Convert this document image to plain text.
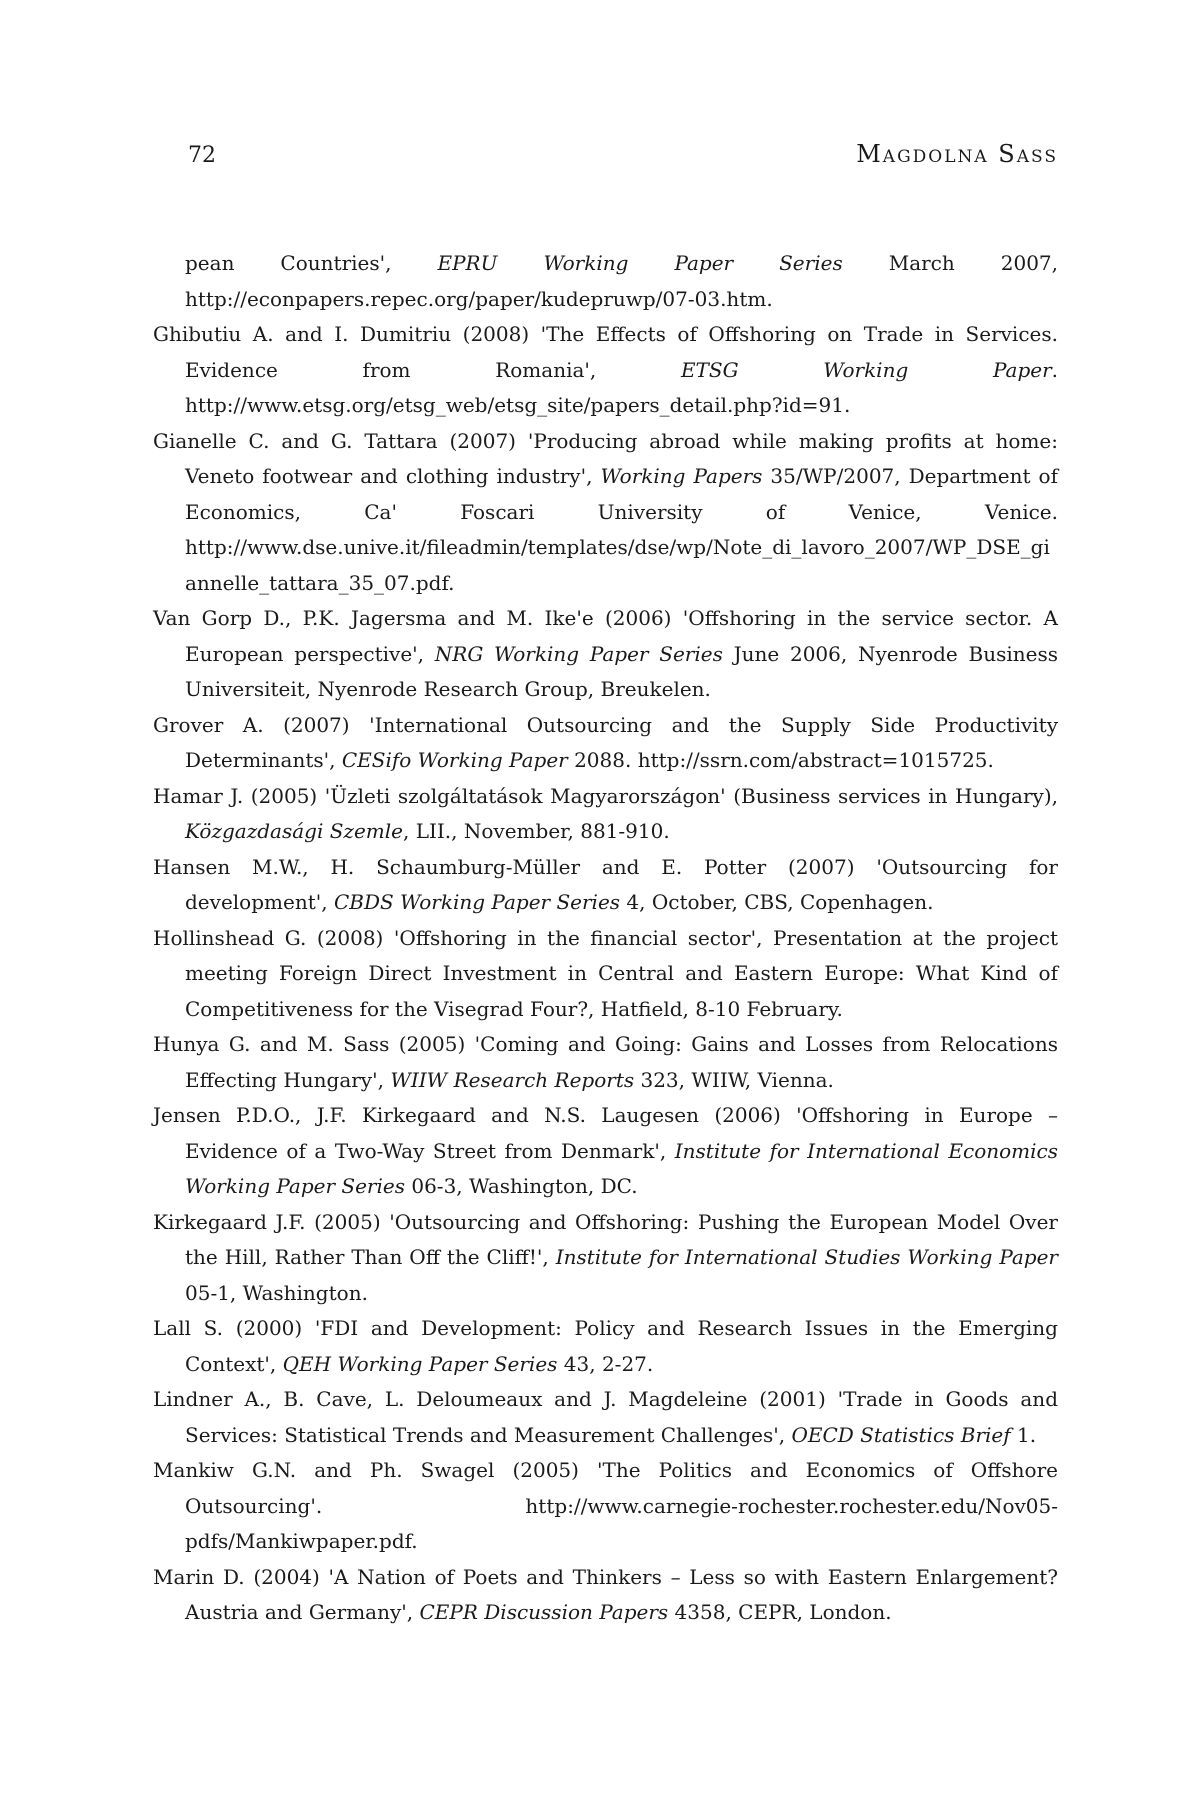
72	Magdolna Sass
pean Countries', EPRU Working Paper Series March 2007, http://econpapers.repec.org/paper/kudepruwp/07-03.htm.
Ghibutiu A. and I. Dumitriu (2008) 'The Effects of Offshoring on Trade in Services. Evidence from Romania', ETSG Working Paper. http://www.etsg.org/etsg_web/etsg_site/papers_detail.php?id=91.
Gianelle C. and G. Tattara (2007) 'Producing abroad while making profits at home: Veneto footwear and clothing industry', Working Papers 35/WP/2007, Department of Economics, Ca' Foscari University of Venice, Venice. http://www.dse.unive.it/fileadmin/templates/dse/wp/Note_di_lavoro_2007/WP_DSE_giannelle_tattara_35_07.pdf.
Van Gorp D., P.K. Jagersma and M. Ike'e (2006) 'Offshoring in the service sector. A European perspective', NRG Working Paper Series June 2006, Nyenrode Business Universiteit, Nyenrode Research Group, Breukelen.
Grover A. (2007) 'International Outsourcing and the Supply Side Productivity Determinants', CESifo Working Paper 2088. http://ssrn.com/abstract=1015725.
Hamar J. (2005) 'Üzleti szolgáltatások Magyarországon' (Business services in Hungary), Közgazdasági Szemle, LII., November, 881-910.
Hansen M.W., H. Schaumburg-Müller and E. Potter (2007) 'Outsourcing for development', CBDS Working Paper Series 4, October, CBS, Copenhagen.
Hollinshead G. (2008) 'Offshoring in the financial sector', Presentation at the project meeting Foreign Direct Investment in Central and Eastern Europe: What Kind of Competitiveness for the Visegrad Four?, Hatfield, 8-10 February.
Hunya G. and M. Sass (2005) 'Coming and Going: Gains and Losses from Relocations Effecting Hungary', WIIW Research Reports 323, WIIW, Vienna.
Jensen P.D.O., J.F. Kirkegaard and N.S. Laugesen (2006) 'Offshoring in Europe – Evidence of a Two-Way Street from Denmark', Institute for International Economics Working Paper Series 06-3, Washington, DC.
Kirkegaard J.F. (2005) 'Outsourcing and Offshoring: Pushing the European Model Over the Hill, Rather Than Off the Cliff!', Institute for International Studies Working Paper 05-1, Washington.
Lall S. (2000) 'FDI and Development: Policy and Research Issues in the Emerging Context', QEH Working Paper Series 43, 2-27.
Lindner A., B. Cave, L. Deloumeaux and J. Magdeleine (2001) 'Trade in Goods and Services: Statistical Trends and Measurement Challenges', OECD Statistics Brief 1.
Mankiw G.N. and Ph. Swagel (2005) 'The Politics and Economics of Offshore Outsourcing'. http://www.carnegie-rochester.rochester.edu/Nov05-pdfs/Mankiwpaper.pdf.
Marin D. (2004) 'A Nation of Poets and Thinkers – Less so with Eastern Enlargement? Austria and Germany', CEPR Discussion Papers 4358, CEPR, London.
